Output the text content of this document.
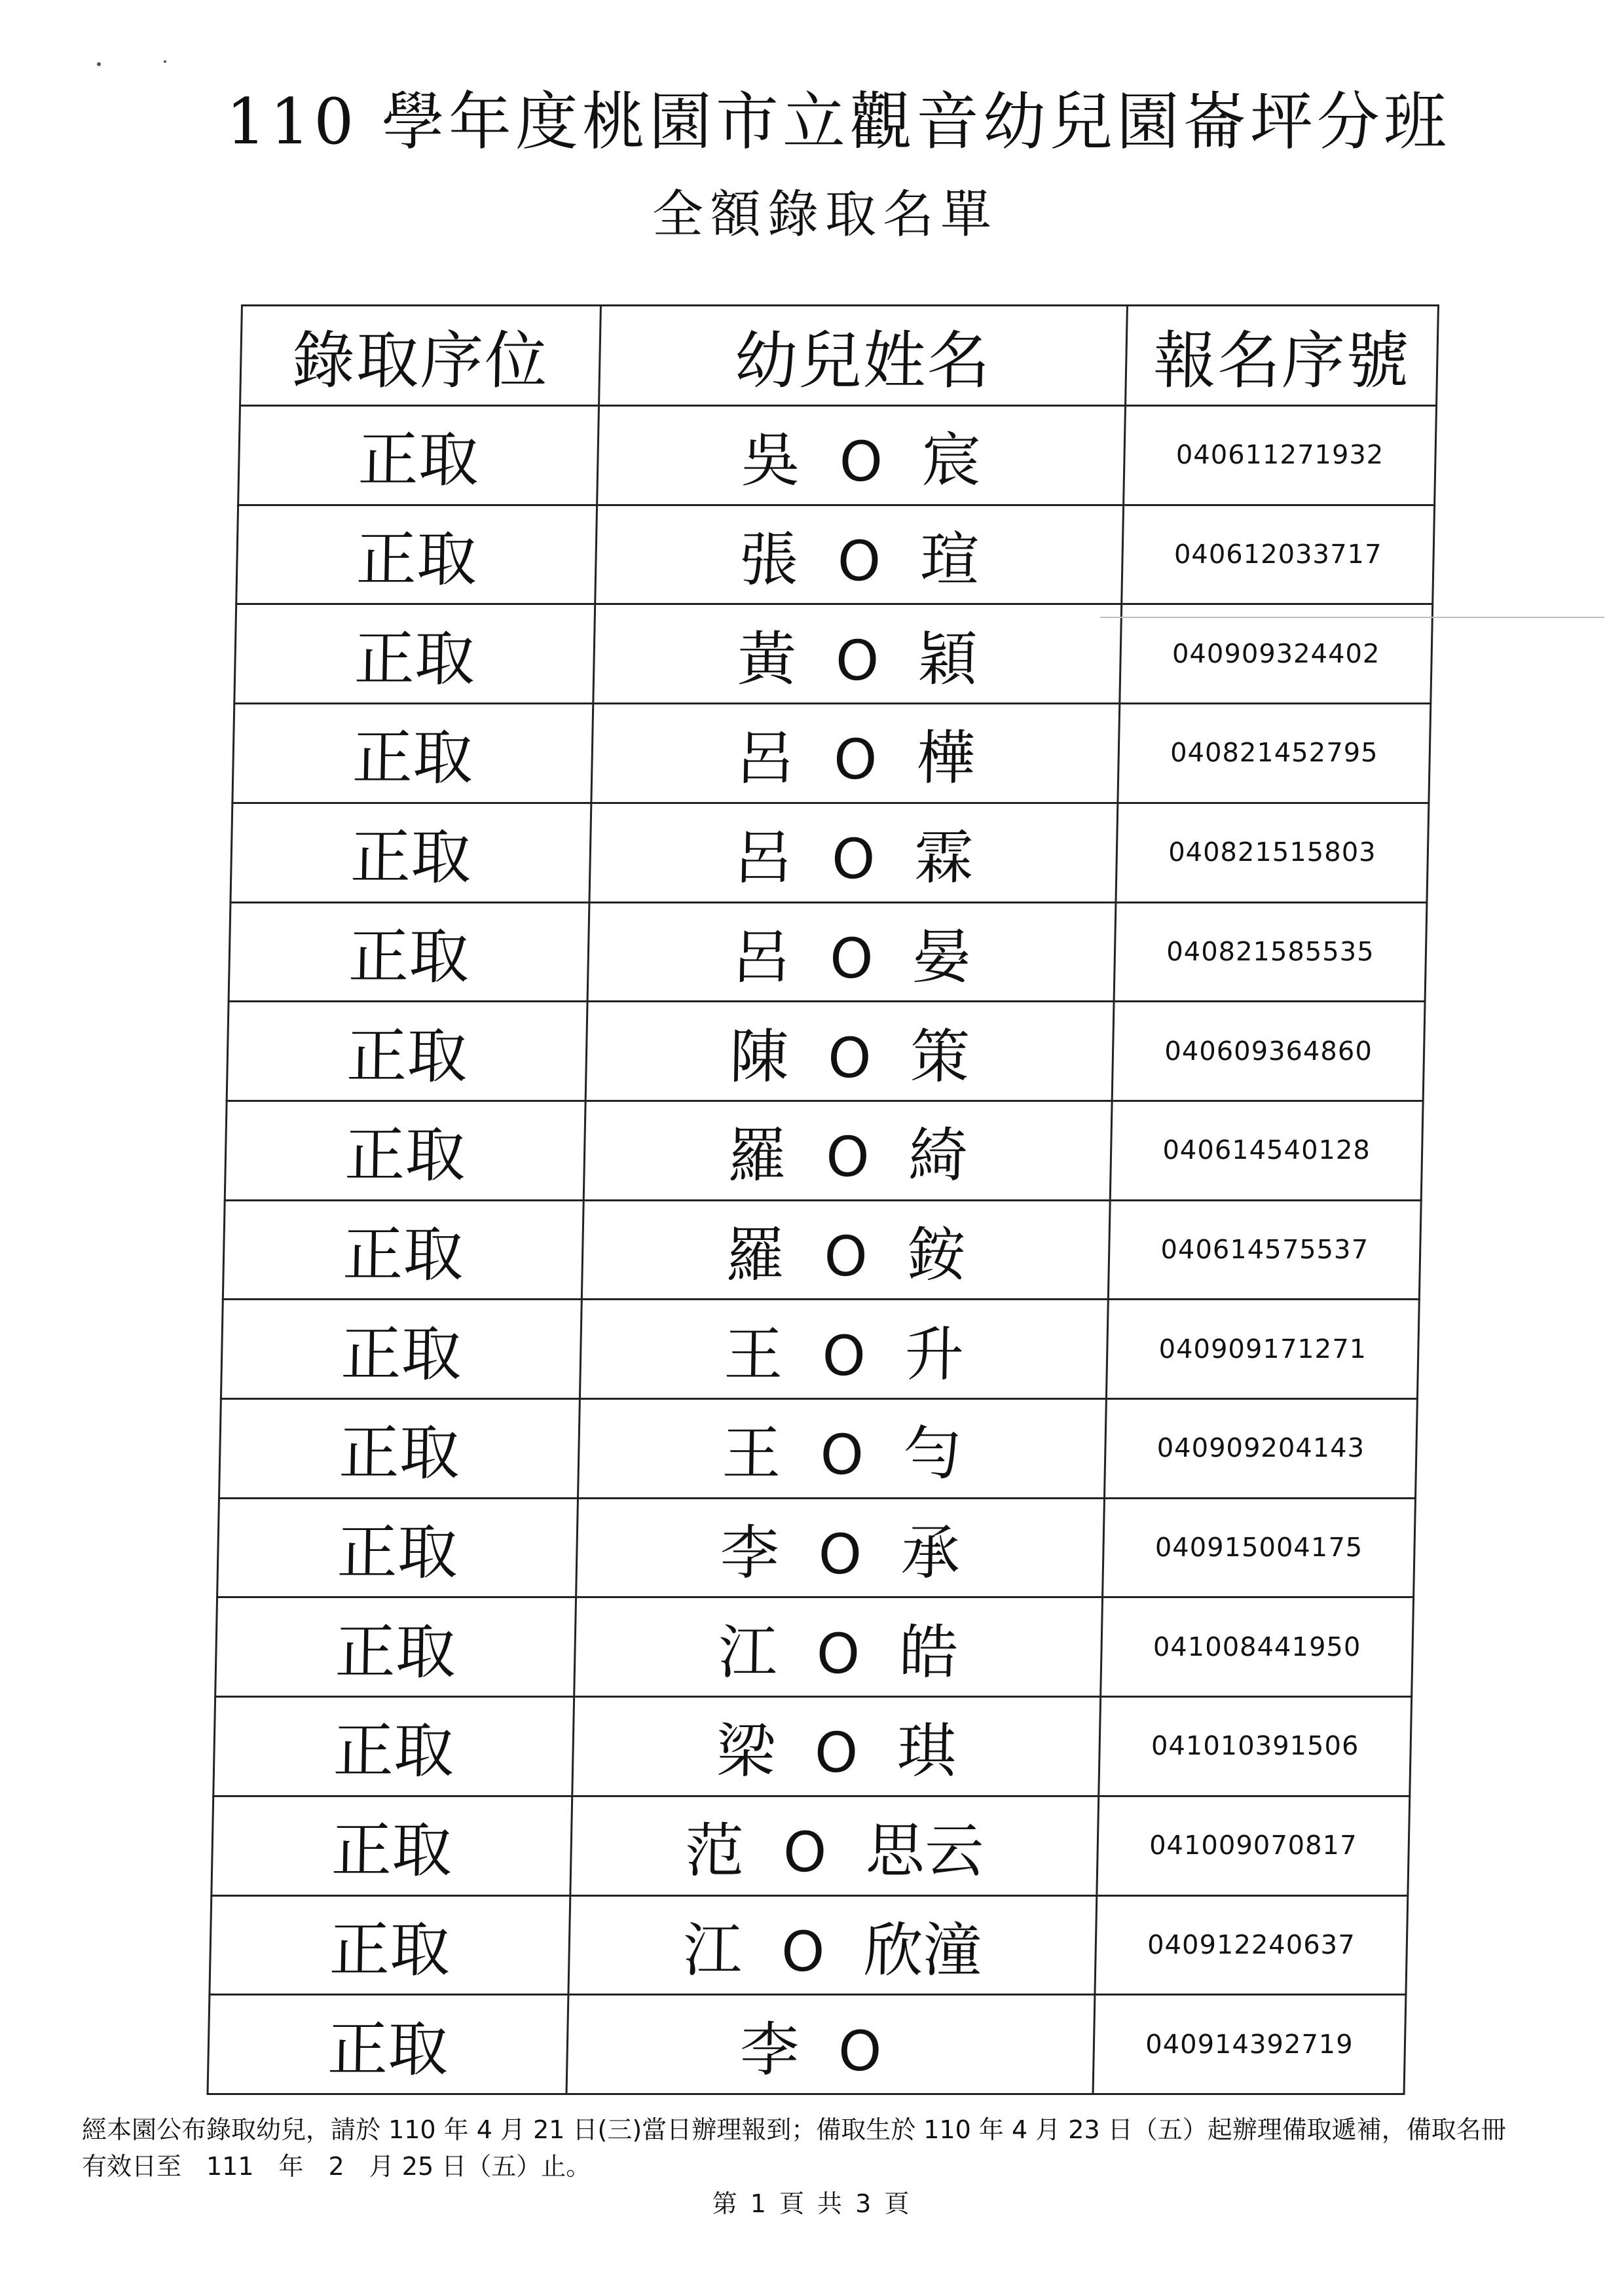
110 學年度桃園市立觀音幼兒園崙坪分班
全額錄取名單
錄取序位	幼兒姓名	報名序號
正取	吳 O 宸	040611271932
正取	張 O 瑄	040612033717
正取	黃 O 穎	040909324402
正取	呂 O 樺	040821452795
正取	呂 O 霖	040821515803
正取	呂 O 晏	040821585535
正取	陳 O 策	040609364860
正取	羅 O 綺	040614540128
正取	羅 O 銨	040614575537
正取	王 O 升	040909171271
正取	王 O 勻	040909204143
正取	李 O 承	040915004175
正取	江 O 皓	041008441950
正取	梁 O 琪	041010391506
正取	范 O 思云	041009070817
正取	江 O 欣潼	040912240637
正取	李 O	040914392719
經本園公布錄取幼兒，請於 110 年 4 月 21 日(三)當日辦理報到；備取生於 110 年 4 月 23 日（五）起辦理備取遞補，備取名冊
有效日至　111　年　2　月 25 日（五）止。
第 1 頁 共 3 頁
